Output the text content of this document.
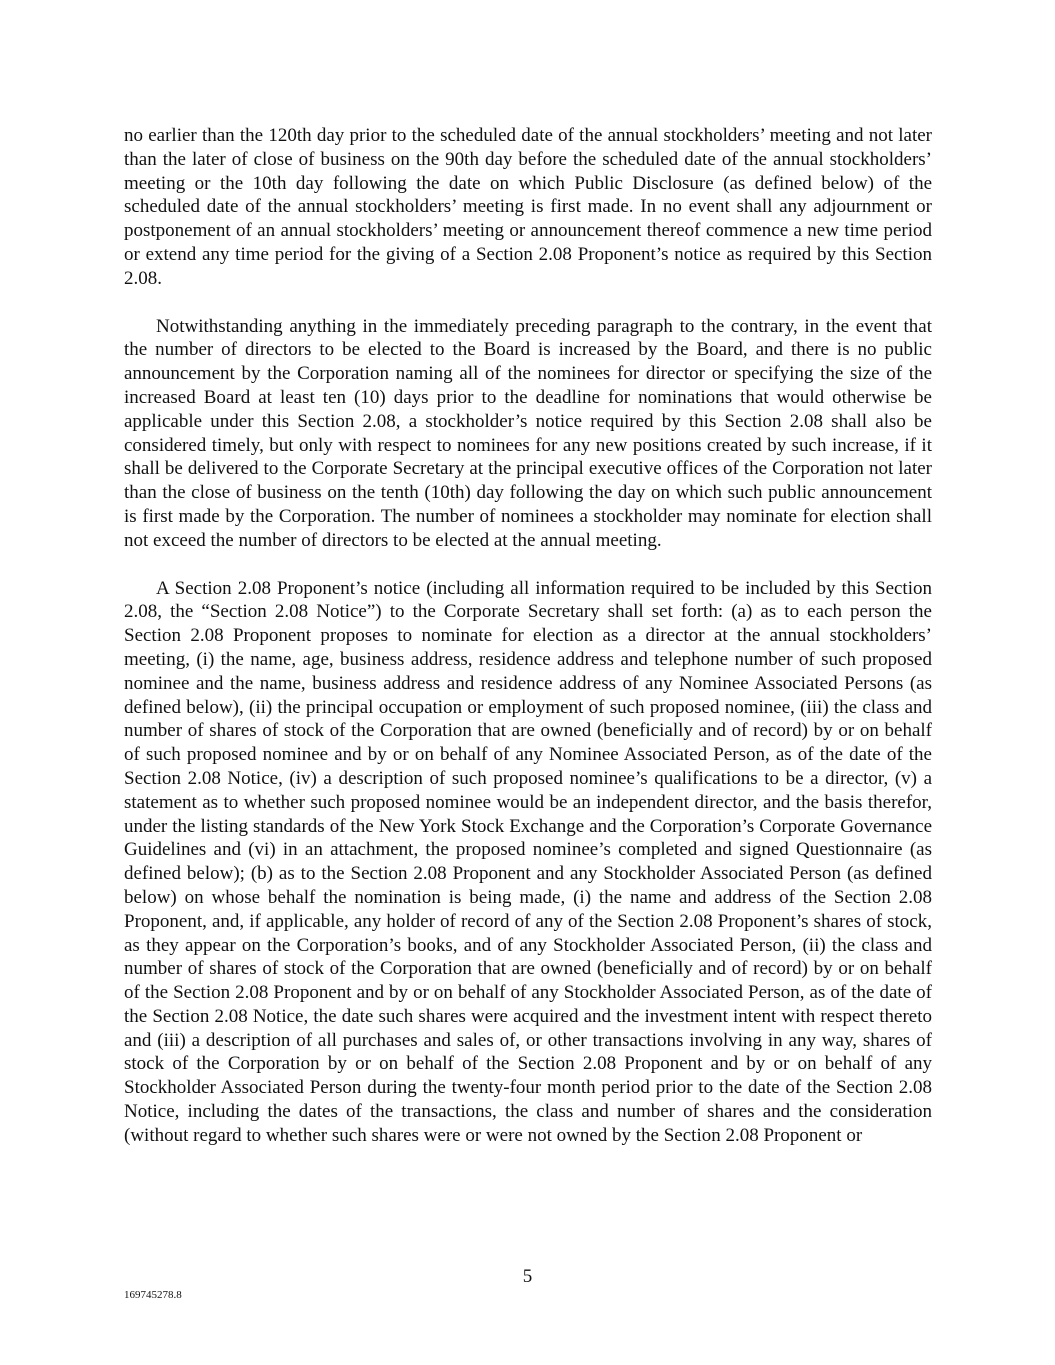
no earlier than the 120th day prior to the scheduled date of the annual stockholders’ meeting and not later than the later of close of business on the 90th day before the scheduled date of the annual stockholders’ meeting or the 10th day following the date on which Public Disclosure (as defined below) of the scheduled date of the annual stockholders’ meeting is first made. In no event shall any adjournment or postponement of an annual stockholders’ meeting or announcement thereof commence a new time period or extend any time period for the giving of a Section 2.08 Proponent’s notice as required by this Section 2.08.

Notwithstanding anything in the immediately preceding paragraph to the contrary, in the event that the number of directors to be elected to the Board is increased by the Board, and there is no public announcement by the Corporation naming all of the nominees for director or specifying the size of the increased Board at least ten (10) days prior to the deadline for nominations that would otherwise be applicable under this Section 2.08, a stockholder’s notice required by this Section 2.08 shall also be considered timely, but only with respect to nominees for any new positions created by such increase, if it shall be delivered to the Corporate Secretary at the principal executive offices of the Corporation not later than the close of business on the tenth (10th) day following the day on which such public announcement is first made by the Corporation. The number of nominees a stockholder may nominate for election shall not exceed the number of directors to be elected at the annual meeting.

A Section 2.08 Proponent’s notice (including all information required to be included by this Section 2.08, the “Section 2.08 Notice”) to the Corporate Secretary shall set forth: (a) as to each person the Section 2.08 Proponent proposes to nominate for election as a director at the annual stockholders’ meeting, (i) the name, age, business address, residence address and telephone number of such proposed nominee and the name, business address and residence address of any Nominee Associated Persons (as defined below), (ii) the principal occupation or employment of such proposed nominee, (iii) the class and number of shares of stock of the Corporation that are owned (beneficially and of record) by or on behalf of such proposed nominee and by or on behalf of any Nominee Associated Person, as of the date of the Section 2.08 Notice, (iv) a description of such proposed nominee’s qualifications to be a director, (v) a statement as to whether such proposed nominee would be an independent director, and the basis therefor, under the listing standards of the New York Stock Exchange and the Corporation’s Corporate Governance Guidelines and (vi) in an attachment, the proposed nominee’s completed and signed Questionnaire (as defined below); (b) as to the Section 2.08 Proponent and any Stockholder Associated Person (as defined below) on whose behalf the nomination is being made, (i) the name and address of the Section 2.08 Proponent, and, if applicable, any holder of record of any of the Section 2.08 Proponent’s shares of stock, as they appear on the Corporation’s books, and of any Stockholder Associated Person, (ii) the class and number of shares of stock of the Corporation that are owned (beneficially and of record) by or on behalf of the Section 2.08 Proponent and by or on behalf of any Stockholder Associated Person, as of the date of the Section 2.08 Notice, the date such shares were acquired and the investment intent with respect thereto and (iii) a description of all purchases and sales of, or other transactions involving in any way, shares of stock of the Corporation by or on behalf of the Section 2.08 Proponent and by or on behalf of any Stockholder Associated Person during the twenty-four month period prior to the date of the Section 2.08 Notice, including the dates of the transactions, the class and number of shares and the consideration (without regard to whether such shares were or were not owned by the Section 2.08 Proponent or

5
169745278.8
